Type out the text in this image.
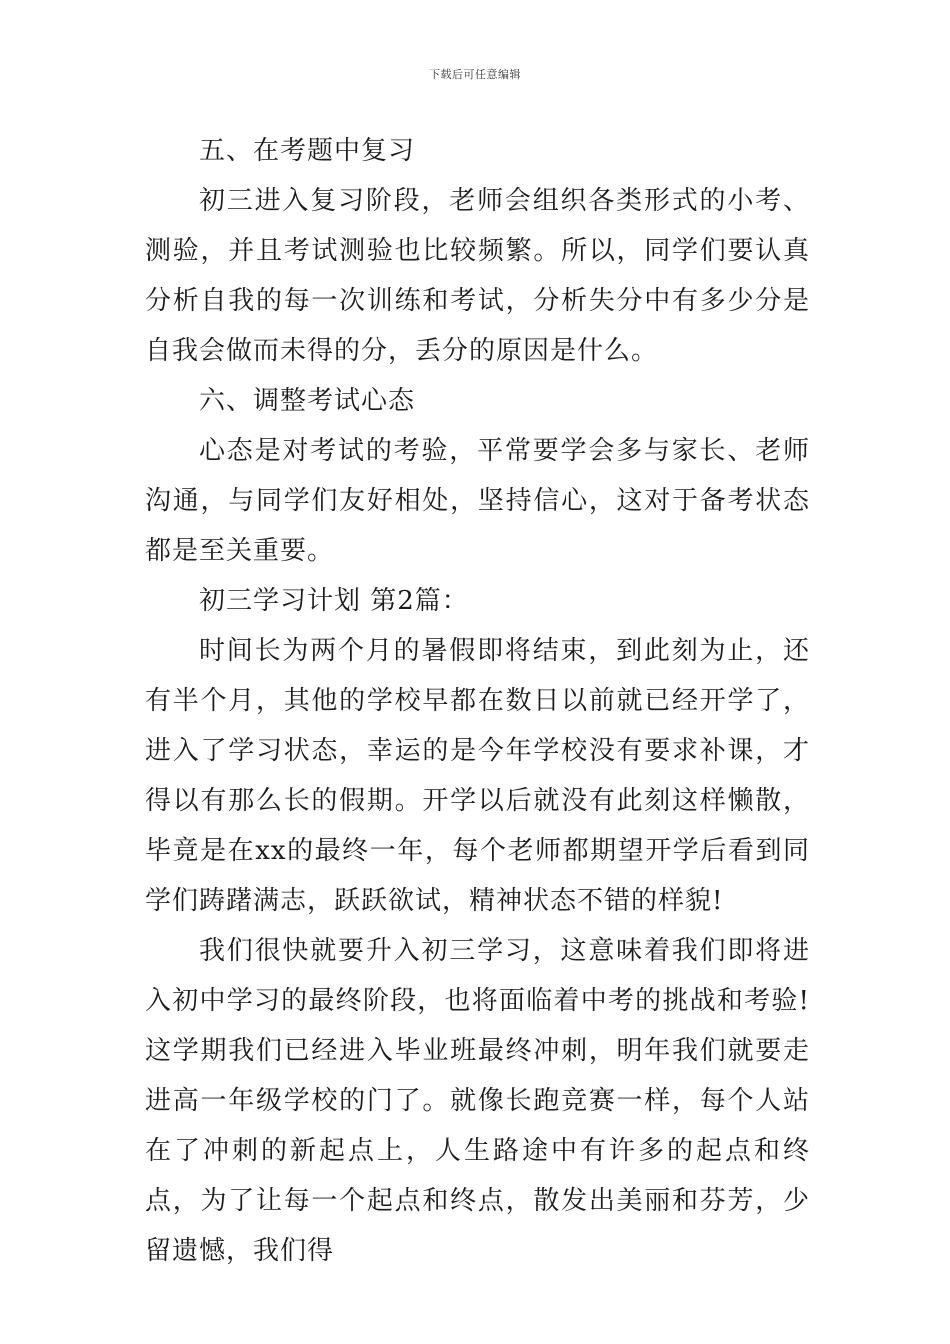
下载后可任意编辑

五、在考题中复习

初三进入复习阶段，老师会组织各类形式的小考、测验，并且考试测验也比较频繁。所以，同学们要认真分析自我的每一次训练和考试，分析失分中有多少分是自我会做而未得的分，丢分的原因是什么。

六、调整考试心态

心态是对考试的考验，平常要学会多与家长、老师沟通，与同学们友好相处，坚持信心，这对于备考状态都是至关重要。

初三学习计划 第2篇：

时间长为两个月的暑假即将结束，到此刻为止，还有半个月，其他的学校早都在数日以前就已经开学了，进入了学习状态，幸运的是今年学校没有要求补课，才得以有那么长的假期。开学以后就没有此刻这样懒散，毕竟是在xx的最终一年，每个老师都期望开学后看到同学们踌躇满志，跃跃欲试，精神状态不错的样貌!

我们很快就要升入初三学习，这意味着我们即将进入初中学习的最终阶段，也将面临着中考的挑战和考验!这学期我们已经进入毕业班最终冲刺，明年我们就要走进高一年级学校的门了。就像长跑竞赛一样，每个人站在了冲刺的新起点上，人生路途中有许多的起点和终点，为了让每一个起点和终点，散发出美丽和芬芳，少留遗憾，我们得
